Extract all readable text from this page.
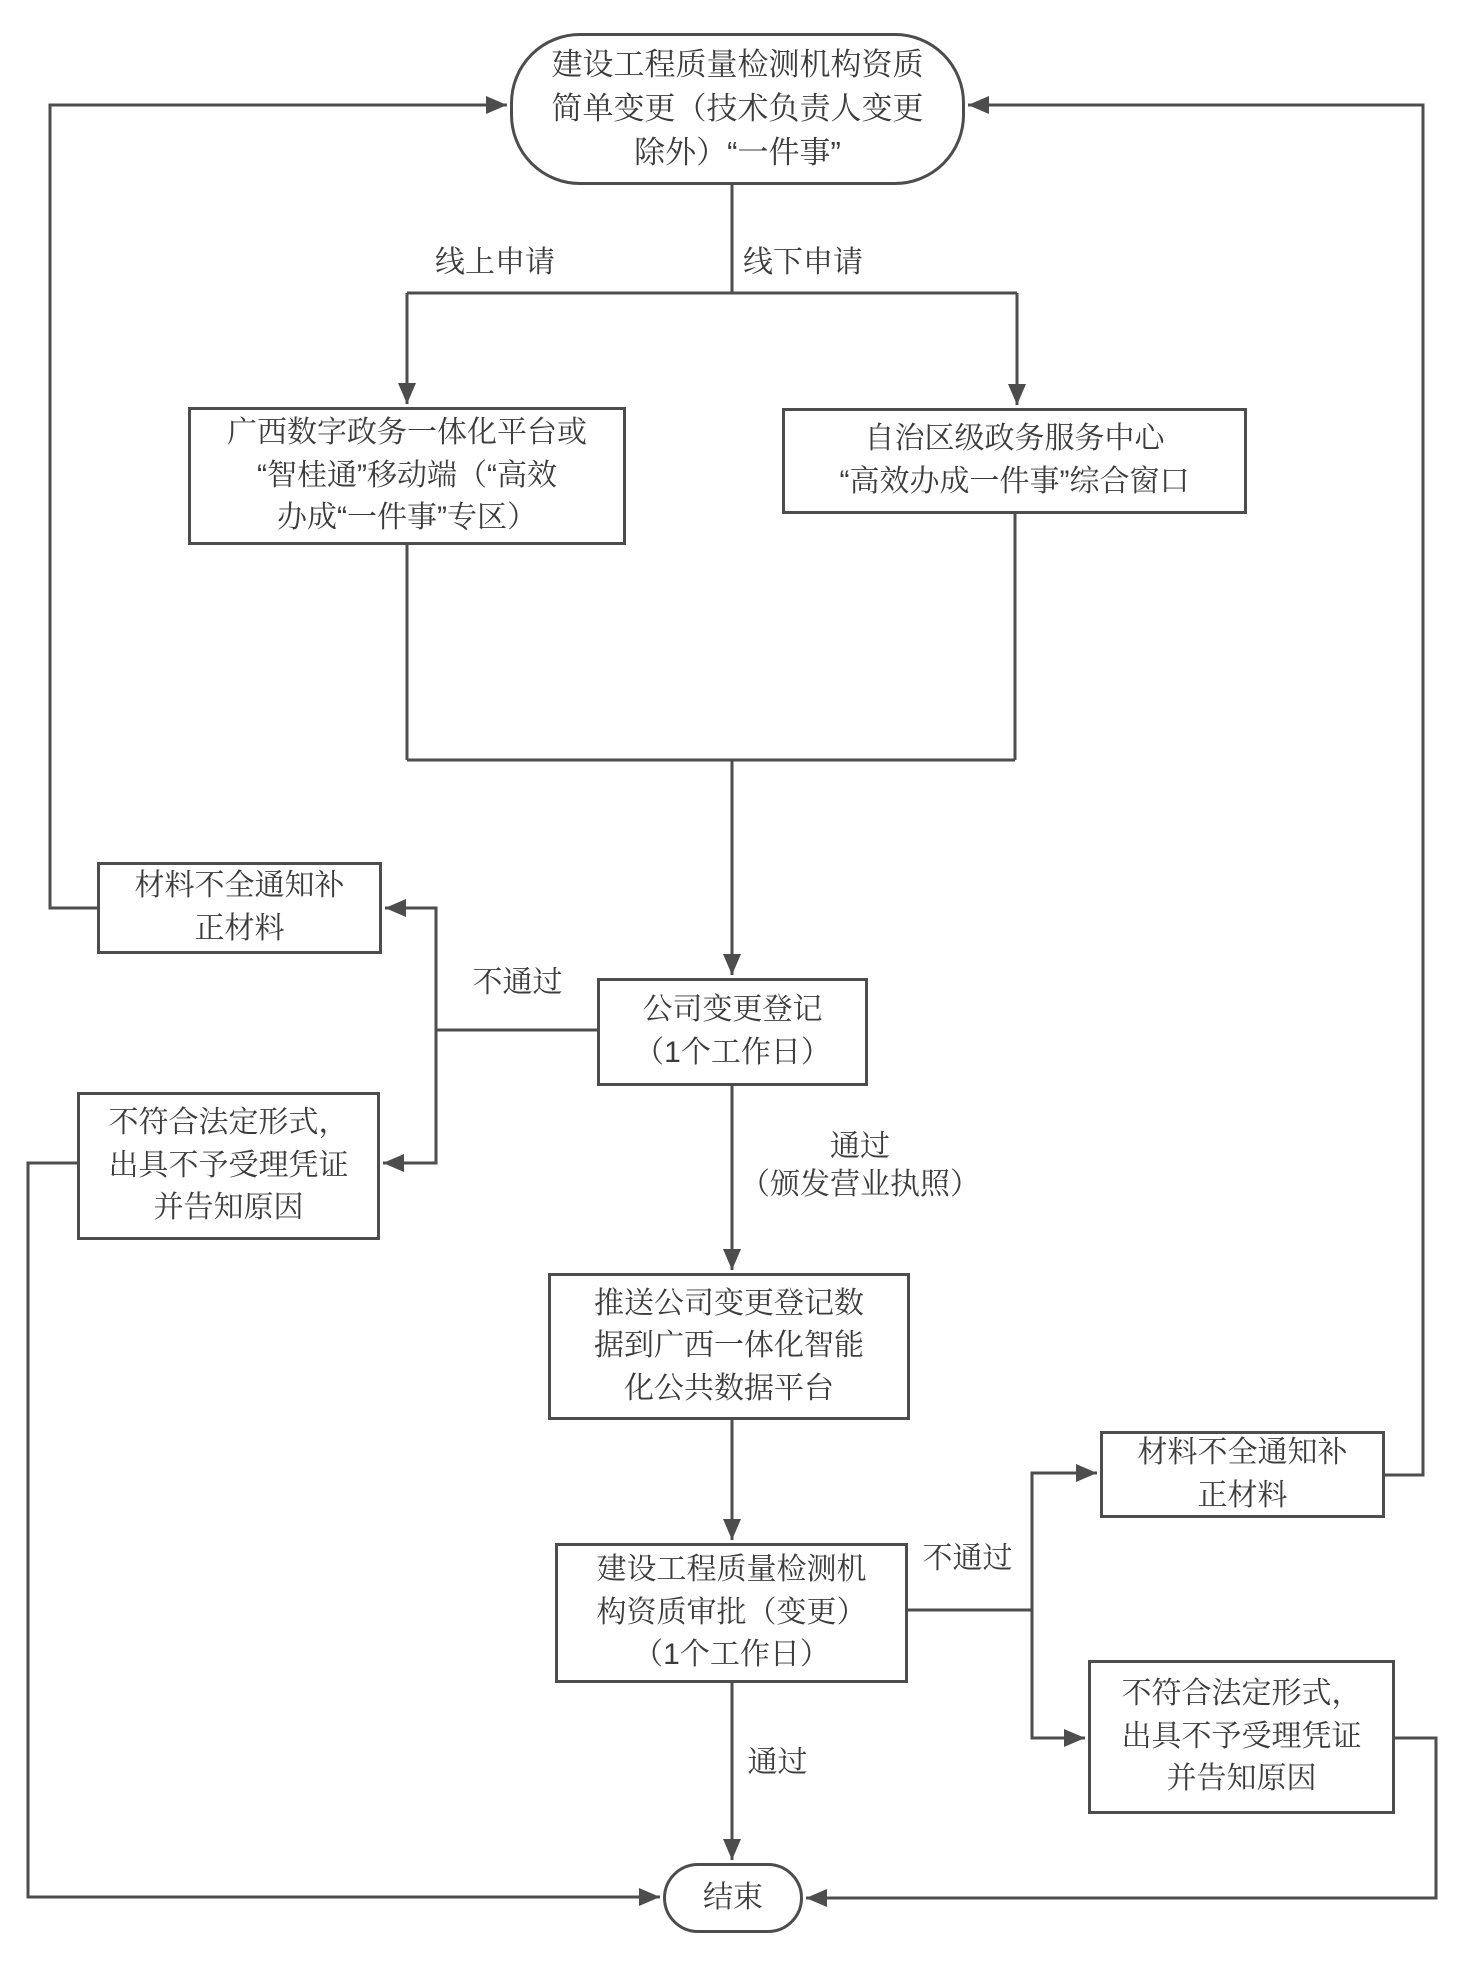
建设工程质量检测机构资质
简单变更（技术负责人变更
除外）“一件事”
线上申请	线下申请
广西数字政务一体化平台或
“智桂通”移动端（“高效
办成“一件事”专区）
自治区级政务服务中心
“高效办成一件事”综合窗口
材料不全通知补
正材料
公司变更登记
（1个工作日）
不通过
不符合法定形式，
出具不予受理凭证
并告知原因
通过
（颁发营业执照）
推送公司变更登记数
据到广西一体化智能
化公共数据平台
材料不全通知补
正材料
建设工程质量检测机
构资质审批（变更）
（1个工作日）
不通过
不符合法定形式，
出具不予受理凭证
并告知原因
通过
结束
